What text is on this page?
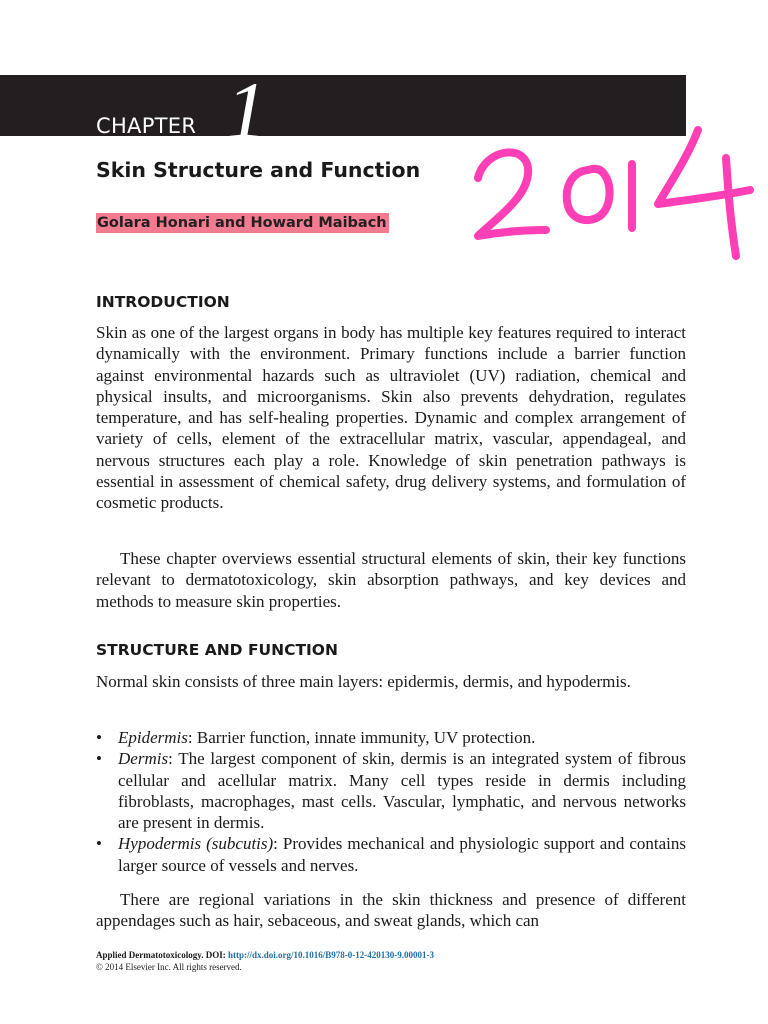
CHAPTER 1
Skin Structure and Function
Golara Honari and Howard Maibach
INTRODUCTION

Skin as one of the largest organs in body has multiple key features required to interact dynamically with the environment. Primary functions include a barrier function against environmental hazards such as ultraviolet (UV) radiation, chemical and physical insults, and microorganisms. Skin also prevents dehydration, regulates temperature, and has self-healing properties. Dynamic and complex arrangement of variety of cells, element of the extracellular matrix, vascular, appendageal, and nervous structures each play a role. Knowledge of skin penetration pathways is essential in assessment of chemical safety, drug delivery systems, and formulation of cosmetic products.

These chapter overviews essential structural elements of skin, their key functions relevant to dermatotoxicology, skin absorption pathways, and key devices and methods to measure skin properties.

STRUCTURE AND FUNCTION

Normal skin consists of three main layers: epidermis, dermis, and hypodermis.

• Epidermis: Barrier function, innate immunity, UV protection.
• Dermis: The largest component of skin, dermis is an integrated system of fibrous cellular and acellular matrix. Many cell types reside in dermis including fibroblasts, macrophages, mast cells. Vascular, lymphatic, and nervous networks are present in dermis.
• Hypodermis (subcutis): Provides mechanical and physiologic support and contains larger source of vessels and nerves.

There are regional variations in the skin thickness and presence of different appendages such as hair, sebaceous, and sweat glands, which can

Applied Dermatotoxicology. DOI: http://dx.doi.org/10.1016/B978-0-12-420130-9.00001-3
© 2014 Elsevier Inc. All rights reserved.
